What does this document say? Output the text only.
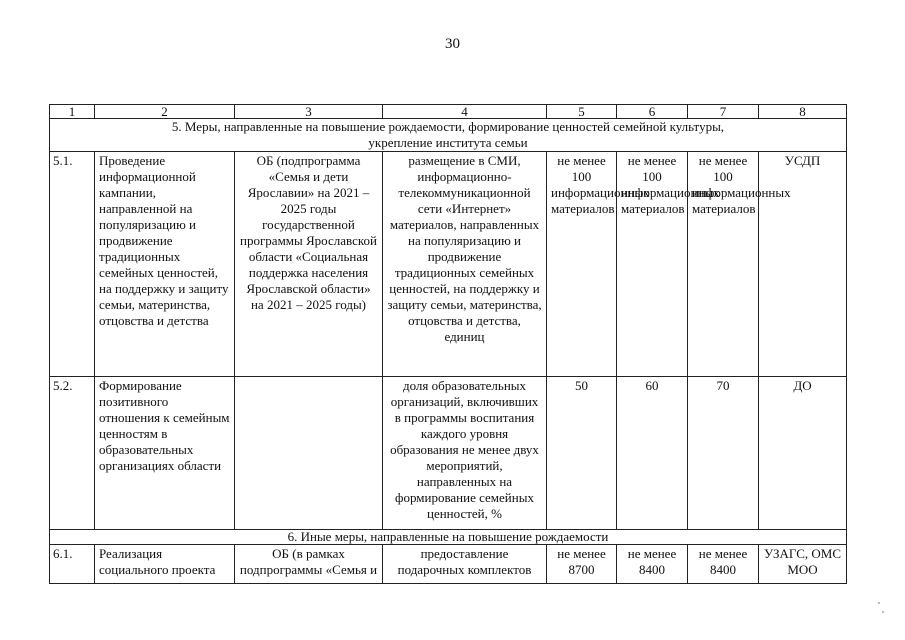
30
1	2	3	4	5	6	7	8

5. Меры, направленные на повышение рождаемости, формирование ценностей семейной культуры,
укрепление института семьи							

5.1.	Проведение информационной кампании, направленной на популяризацию и продвижение традиционных семейных ценностей, на поддержку и защиту семьи, материнства, отцовства и детства	ОБ (подпрограмма «Семья и дети Ярославии» на 2021 – 2025 годы государственной программы Ярославской области «Социальная поддержка населения Ярославской области» на 2021 – 2025 годы)	размещение в СМИ, информационно-телекоммуникационной сети «Интернет» материалов, направленных на популяризацию и продвижение традиционных семейных ценностей, на поддержку и защиту семьи, материнства, отцовства и детства, единиц	не менее 100 информационных материалов	не менее 100 информационных материалов	не менее 100 информационных материалов	УСДП
5.2.	Формирование позитивного отношения к семейным ценностям в образовательных организациях области		доля образовательных организаций, включивших в программы воспитания каждого уровня образования не менее двух мероприятий, направленных на формирование семейных ценностей, %	50	60	70	ДО
6. Иные меры, направленные на повышение рождаемости							
6.1.	Реализация социального проекта	ОБ (в рамках подпрограммы «Семья и	предоставление подарочных комплектов	не менее 8700	не менее 8400	не менее 8400	УЗАГС, ОМС МОО
